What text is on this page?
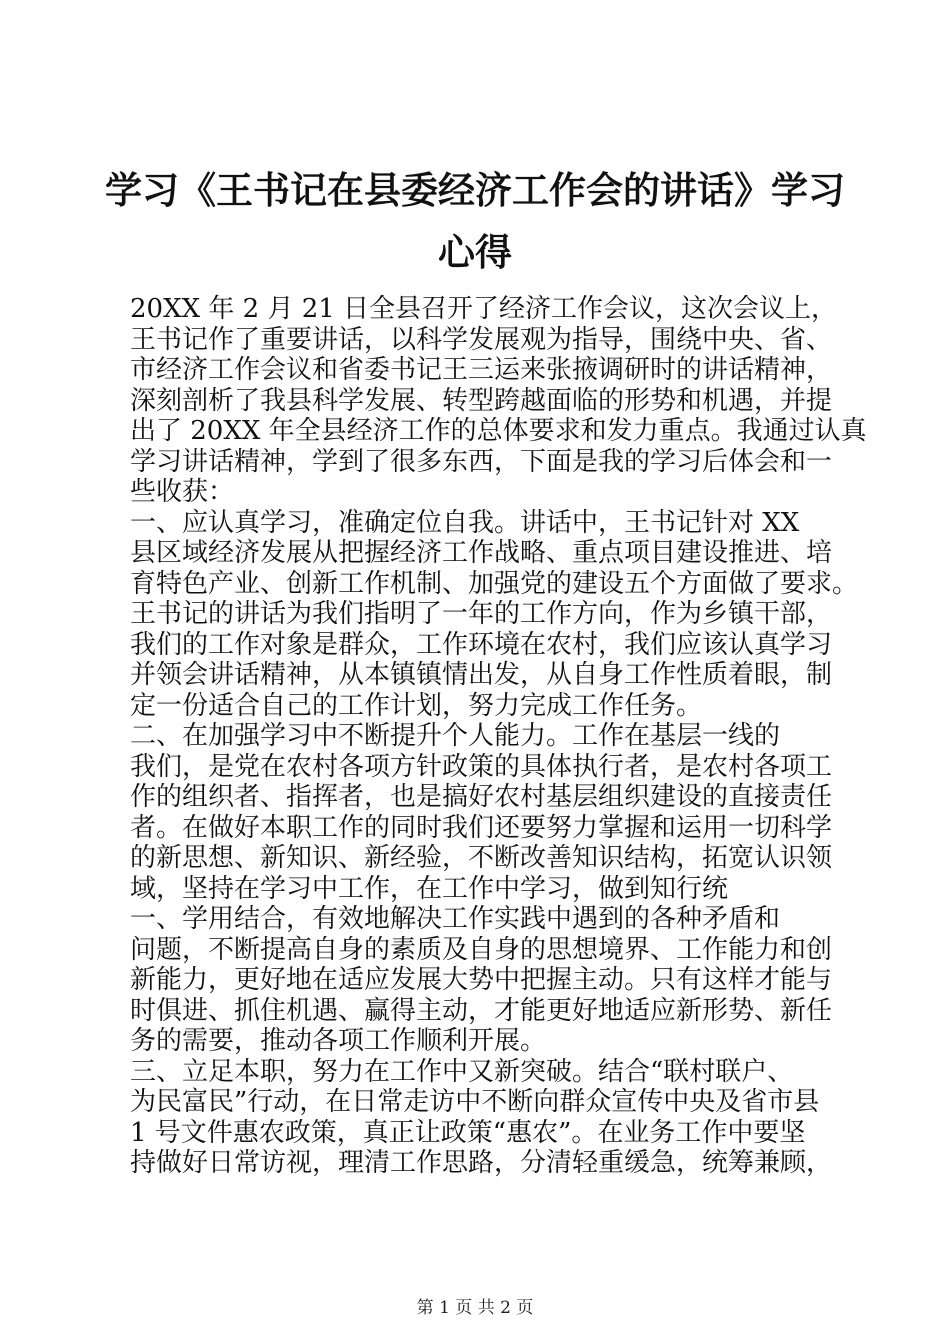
学习《王书记在县委经济工作会的讲话》学习
心得
20XX 年 2 月 21 日全县召开了经济工作会议，这次会议上，
王书记作了重要讲话，以科学发展观为指导，围绕中央、省、
市经济工作会议和省委书记王三运来张掖调研时的讲话精神，
深刻剖析了我县科学发展、转型跨越面临的形势和机遇，并提
出了 20XX 年全县经济工作的总体要求和发力重点。我通过认真
学习讲话精神，学到了很多东西，下面是我的学习后体会和一
些收获：
一、应认真学习，准确定位自我。讲话中，王书记针对 XX
县区域经济发展从把握经济工作战略、重点项目建设推进、培
育特色产业、创新工作机制、加强党的建设五个方面做了要求。
王书记的讲话为我们指明了一年的工作方向，作为乡镇干部，
我们的工作对象是群众，工作环境在农村，我们应该认真学习
并领会讲话精神，从本镇镇情出发，从自身工作性质着眼，制
定一份适合自己的工作计划，努力完成工作任务。
二、在加强学习中不断提升个人能力。工作在基层一线的
我们，是党在农村各项方针政策的具体执行者，是农村各项工
作的组织者、指挥者，也是搞好农村基层组织建设的直接责任
者。在做好本职工作的同时我们还要努力掌握和运用一切科学
的新思想、新知识、新经验，不断改善知识结构，拓宽认识领
域，坚持在学习中工作，在工作中学习，做到知行统
一、学用结合，有效地解决工作实践中遇到的各种矛盾和
问题，不断提高自身的素质及自身的思想境界、工作能力和创
新能力，更好地在适应发展大势中把握主动。只有这样才能与
时俱进、抓住机遇、赢得主动，才能更好地适应新形势、新任
务的需要，推动各项工作顺利开展。
三、立足本职，努力在工作中又新突破。结合“联村联户、
为民富民”行动，在日常走访中不断向群众宣传中央及省市县
1 号文件惠农政策，真正让政策“惠农”。在业务工作中要坚
持做好日常访视，理清工作思路，分清轻重缓急，统筹兼顾，
第 1 页 共 2 页
